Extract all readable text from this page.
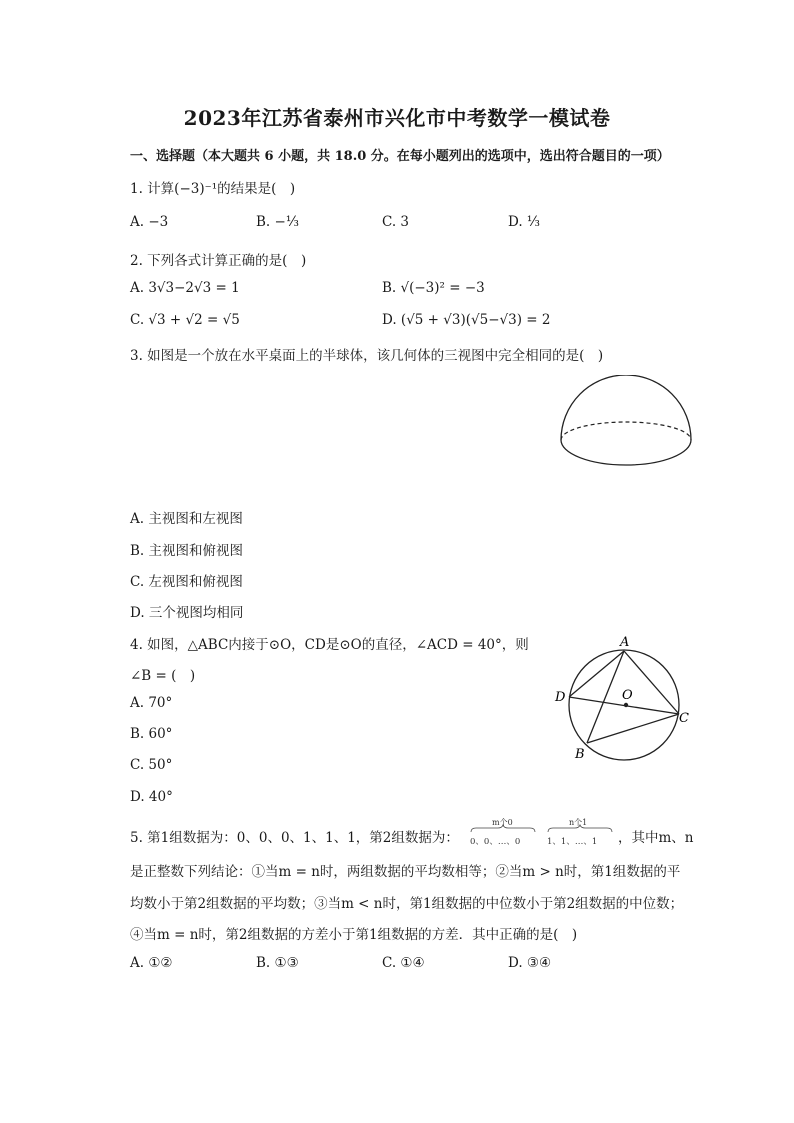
2023年江苏省泰州市兴化市中考数学一模试卷
一、选择题（本大题共 6 小题，共 18.0 分。在每小题列出的选项中，选出符合题目的一项）
1. 计算(−3)⁻¹的结果是(　)
A. −3	B. −⅓	C. 3	D. ⅓
2. 下列各式计算正确的是(　)
A. 3√3−2√3 = 1	B. √(−3)² = −3
C. √3 + √2 = √5	D. (√5 + √3)(√5−√3) = 2
3. 如图是一个放在水平桌面上的半球体，该几何体的三视图中完全相同的是(　)
A. 主视图和左视图
B. 主视图和俯视图
C. 左视图和俯视图
D. 三个视图均相同
4. 如图，△ABC内接于⊙O，CD是⊙O的直径，∠ACD = 40°，则
∠B = (　)
A. 70°
B. 60°
C. 50°
D. 40°
A
D	O
C
B
5. 第1组数据为：0、0、0、1、1、1，第2组数据为：
m个0
0、0、…、0
n个1
1、1、…、1 ，其中m、n
是正整数下列结论：①当m = n时，两组数据的平均数相等；②当m > n时，第1组数据的平
均数小于第2组数据的平均数；③当m < n时，第1组数据的中位数小于第2组数据的中位数；
④当m = n时，第2组数据的方差小于第1组数据的方差．其中正确的是(　)
A. ①②	B. ①③	C. ①④	D. ③④
